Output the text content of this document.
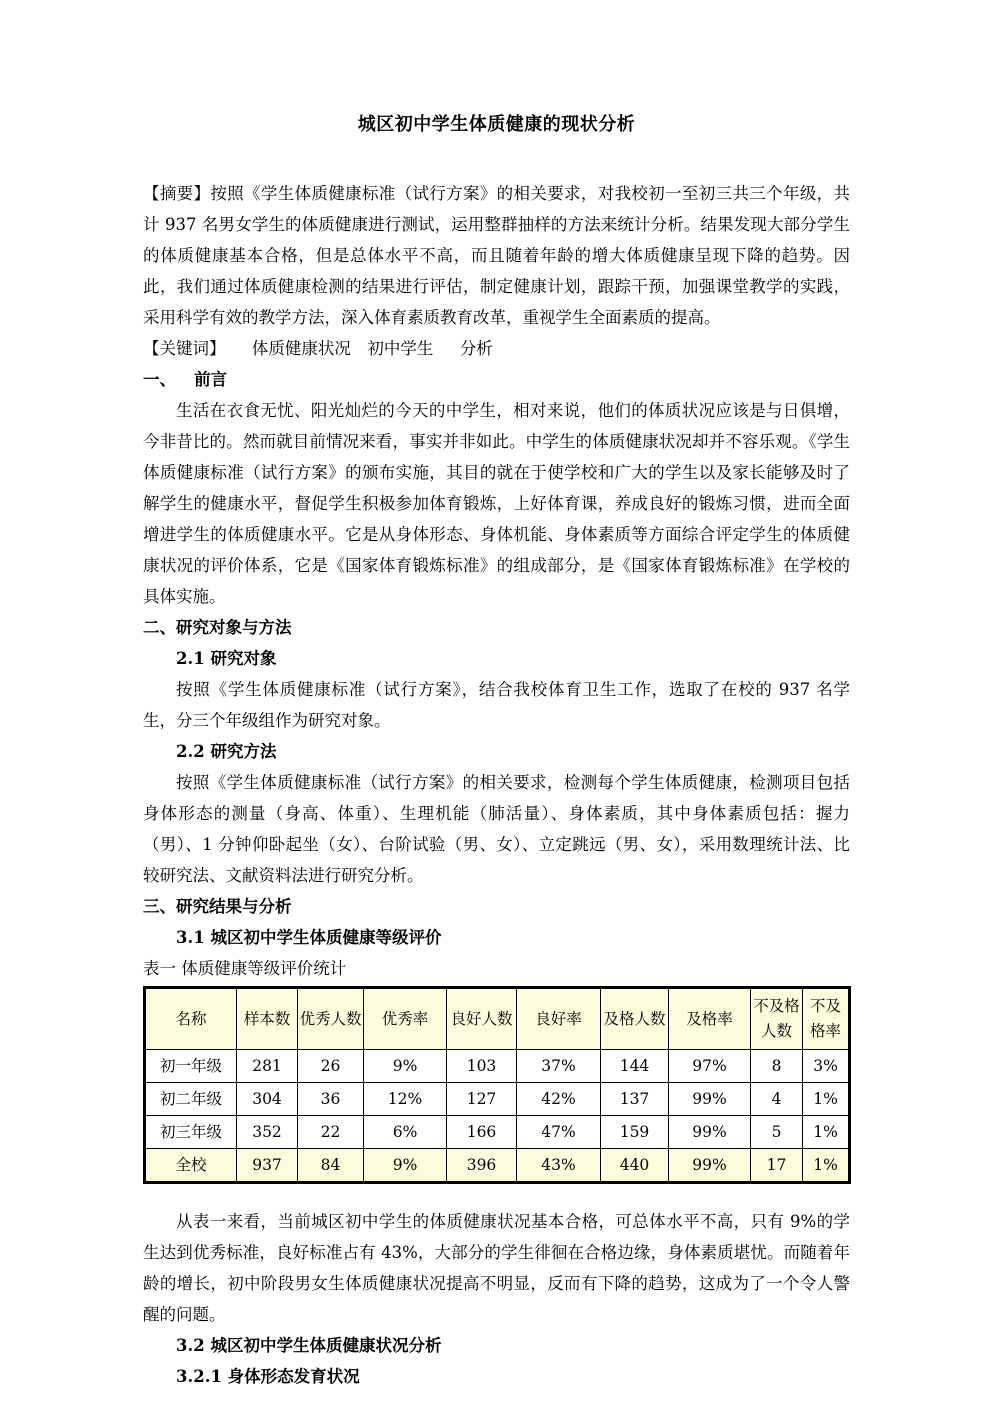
城区初中学生体质健康的现状分析

【摘要】按照《学生体质健康标准（试行方案》的相关要求，对我校初一至初三共三个年级，共计 937 名男女学生的体质健康进行测试，运用整群抽样的方法来统计分析。结果发现大部分学生的体质健康基本合格，但是总体水平不高，而且随着年龄的增大体质健康呈现下降的趋势。因此，我们通过体质健康检测的结果进行评估，制定健康计划，跟踪干预，加强课堂教学的实践，采用科学有效的教学方法，深入体育素质教育改革，重视学生全面素质的提高。

【关键词】 体质健康状况 初中学生 分析

一、 前言

生活在衣食无忧、阳光灿烂的今天的中学生，相对来说，他们的体质状况应该是与日俱增，今非昔比的。然而就目前情况来看，事实并非如此。中学生的体质健康状况却并不容乐观。《学生体质健康标准（试行方案》的颁布实施，其目的就在于使学校和广大的学生以及家长能够及时了解学生的健康水平，督促学生积极参加体育锻炼，上好体育课，养成良好的锻炼习惯，进而全面增进学生的体质健康水平。它是从身体形态、身体机能、身体素质等方面综合评定学生的体质健康状况的评价体系，它是《国家体育锻炼标准》的组成部分，是《国家体育锻炼标准》在学校的具体实施。

二、研究对象与方法

2.1 研究对象

按照《学生体质健康标准（试行方案》，结合我校体育卫生工作，选取了在校的 937 名学生，分三个年级组作为研究对象。

2.2 研究方法

按照《学生体质健康标准（试行方案》的相关要求，检测每个学生体质健康，检测项目包括身体形态的测量（身高、体重）、生理机能（肺活量）、身体素质，其中身体素质包括：握力（男）、1 分钟仰卧起坐（女）、台阶试验（男、女）、立定跳远（男、女），采用数理统计法、比较研究法、文献资料法进行研究分析。

三、研究结果与分析

3.1 城区初中学生体质健康等级评价

表一 体质健康等级评价统计

名称	样本数	优秀人数	优秀率	良好人数	良好率	及格人数	及格率	不及格人数	不及格率
初一年级	281	26	9%	103	37%	144	97%	8	3%
初二年级	304	36	12%	127	42%	137	99%	4	1%
初三年级	352	22	6%	166	47%	159	99%	5	1%
全校	937	84	9%	396	43%	440	99%	17	1%

从表一来看，当前城区初中学生的体质健康状况基本合格，可总体水平不高，只有 9%的学生达到优秀标准，良好标准占有 43%，大部分的学生徘徊在合格边缘，身体素质堪忧。而随着年龄的增长，初中阶段男女生体质健康状况提高不明显，反而有下降的趋势，这成为了一个令人警醒的问题。

3.2 城区初中学生体质健康状况分析

3.2.1 身体形态发育状况
